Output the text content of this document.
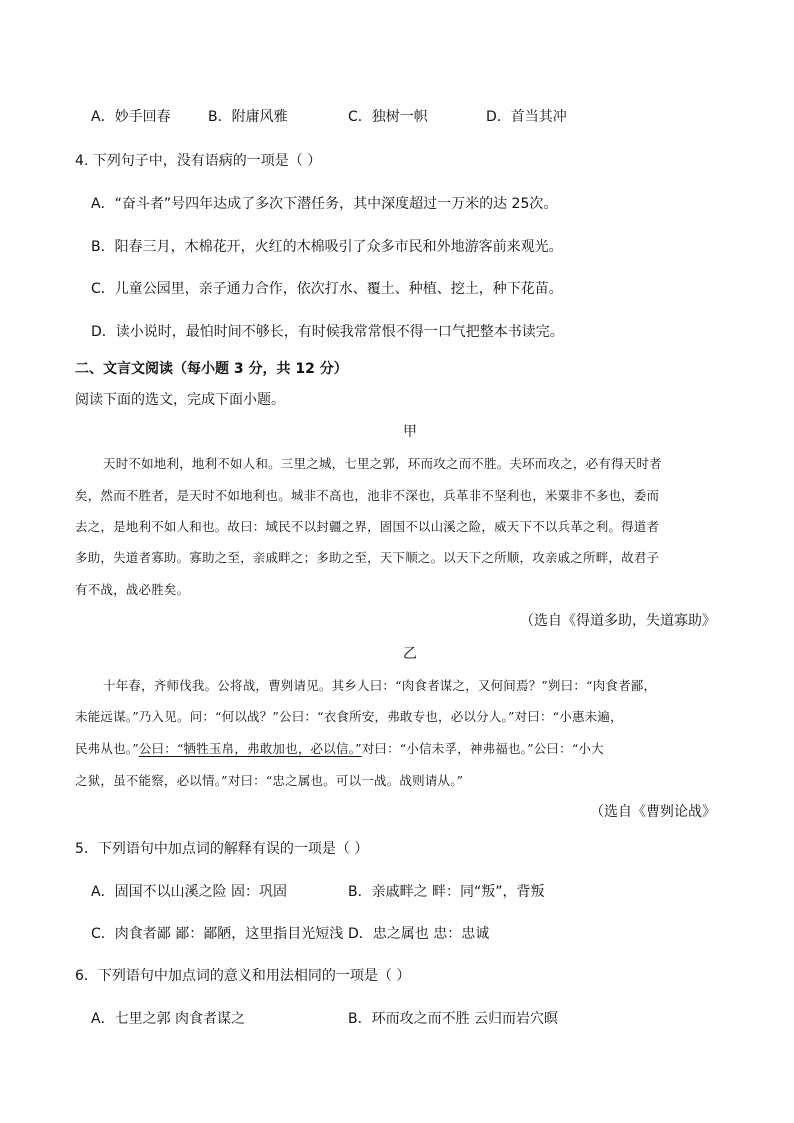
A．妙手回春	B．附庸风雅	C．独树一帜	D．首当其冲
4. 下列句子中，没有语病的一项是（ ）
A．“奋斗者”号四年达成了多次下潜任务，其中深度超过一万米的达 25次。
B．阳春三月，木棉花开，火红的木棉吸引了众多市民和外地游客前来观光。
C．儿童公园里，亲子通力合作，依次打水、覆土、种植、挖土，种下花苗。
D．读小说时，最怕时间不够长，有时候我常常恨不得一口气把整本书读完。
二、文言文阅读（每小题 3 分，共 12 分）
阅读下面的选文，完成下面小题。
甲
天时不如地利，地利不如人和。三里之城，七里之郭，环而攻之而不胜。夫环而攻之，必有得天时者
矣，然而不胜者，是天时不如地利也。城非不高也，池非不深也，兵革非不坚利也，米粟非不多也，委而
去之，是地利不如人和也。故曰：域民不以封疆之界，固国不以山溪之险，威天下不以兵革之利。得道者
多助，失道者寡助。寡助之至，亲戚畔之；多助之至，天下顺之。以天下之所顺，攻亲戚之所畔，故君子
有不战，战必胜矣。
（选自《得道多助，失道寡助》
乙
十年春，齐师伐我。公将战，曹刿请见。其乡人曰：“肉食者谋之，又何间焉？”刿曰：“肉食者鄙，
未能远谋。”乃入见。问：“何以战？”公曰：“衣食所安，弗敢专也，必以分人。”对曰：“小惠未遍，
民弗从也。”公曰：“牺牲玉帛，弗敢加也，必以信。”对曰：“小信未孚，神弗福也。”公曰：“小大
之狱，虽不能察，必以情。”对曰：“忠之属也。可以一战。战则请从。”
（选自《曹刿论战》
5．下列语句中加点词的解释有误的一项是（ ）
A．固国不以山溪之险 固：巩固	B．亲戚畔之 畔：同“叛”，背叛
C．肉食者鄙 鄙：鄙陋，这里指目光短浅 D．忠之属也 忠：忠诚
6．下列语句中加点词的意义和用法相同的一项是（ ）
A．七里之郭 肉食者谋之	B．环而攻之而不胜 云归而岩穴暝
